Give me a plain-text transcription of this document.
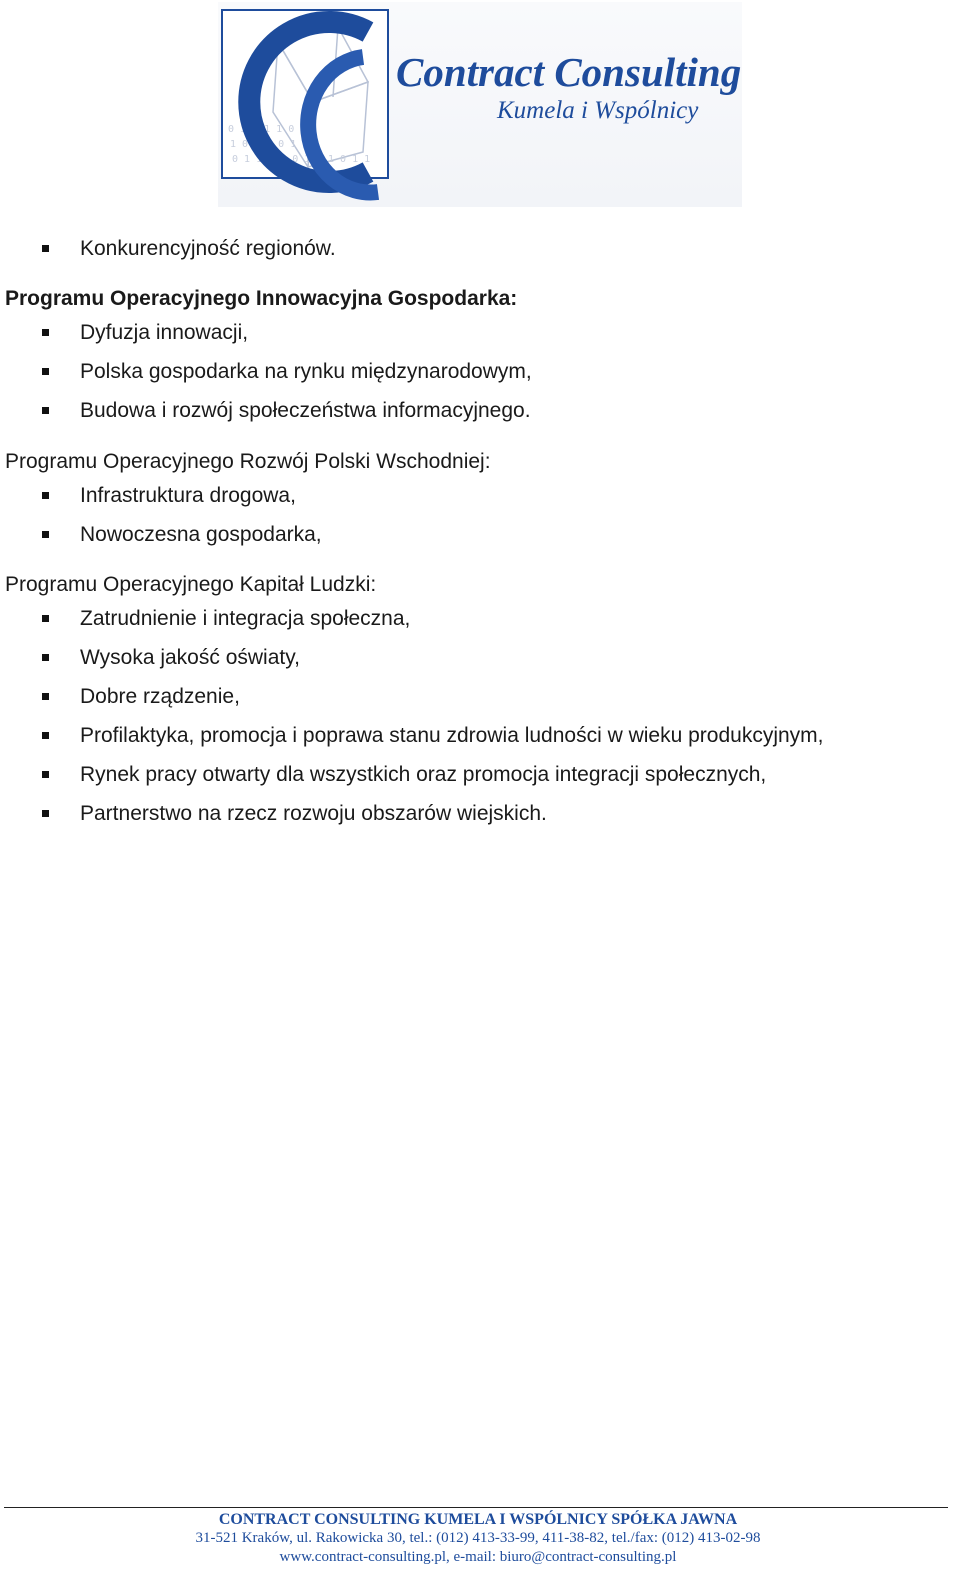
0 1 0 1 1 0
1 0 1 0 0 1
0 1 1 0 1 0 1 1 0 1 1
Contract Consulting
Kumela i Wspólnicy
Konkurencyjność regionów.
Programu Operacyjnego Innowacyjna Gospodarka:
Dyfuzja innowacji,
Polska gospodarka na rynku międzynarodowym,
Budowa i rozwój społeczeństwa informacyjnego.
Programu Operacyjnego Rozwój Polski Wschodniej:
Infrastruktura drogowa,
Nowoczesna gospodarka,
Programu Operacyjnego Kapitał Ludzki:
Zatrudnienie i integracja społeczna,
Wysoka jakość oświaty,
Dobre rządzenie,
Profilaktyka, promocja i poprawa stanu zdrowia ludności w wieku produkcyjnym,
Rynek pracy otwarty dla wszystkich oraz promocja integracji społecznych,
Partnerstwo na rzecz rozwoju obszarów wiejskich.
CONTRACT CONSULTING KUMELA I WSPÓLNICY SPÓŁKA JAWNA
31-521 Kraków, ul. Rakowicka 30, tel.: (012) 413-33-99, 411-38-82, tel./fax: (012) 413-02-98
www.contract-consulting.pl, e-mail: biuro@contract-consulting.pl
